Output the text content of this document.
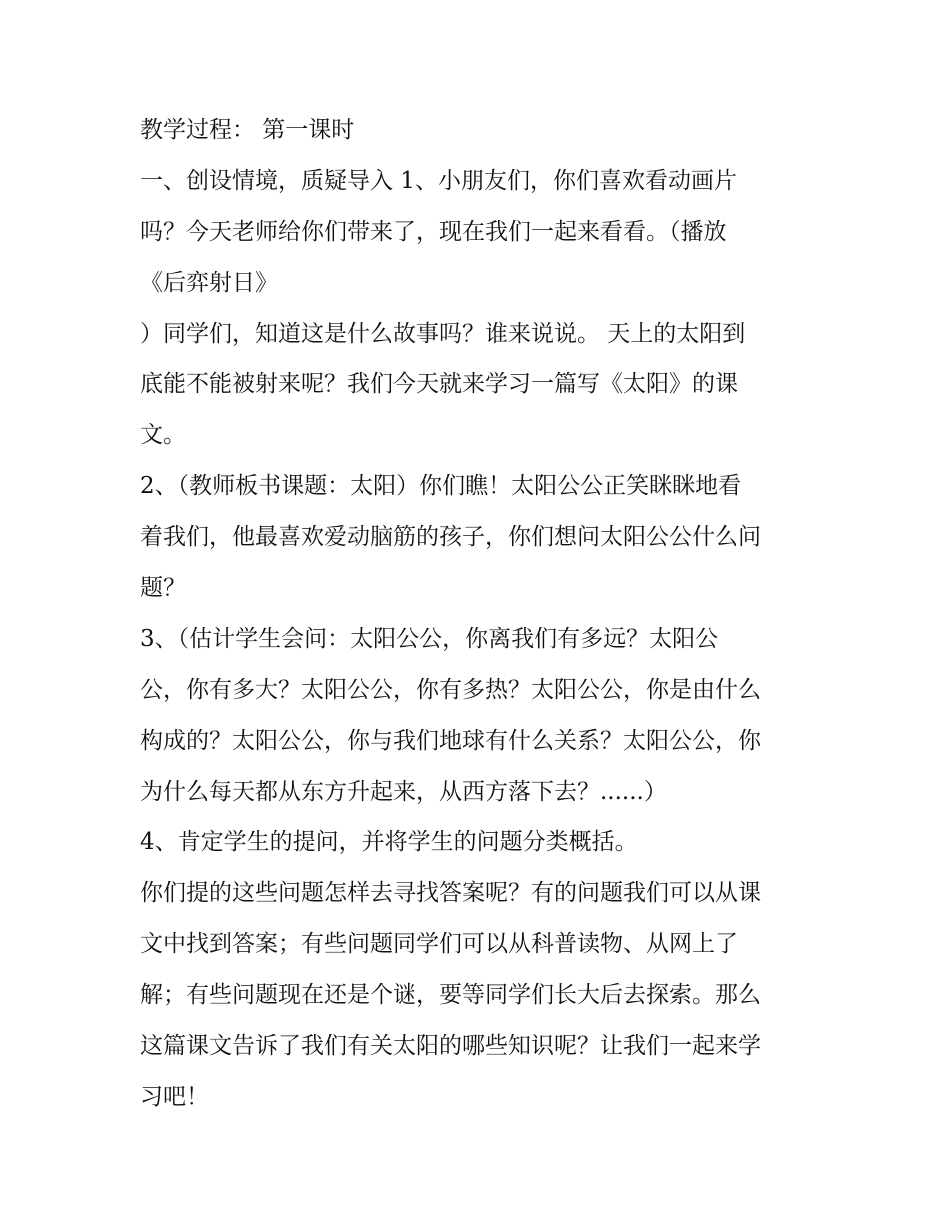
教学过程： 第一课时
一、创设情境，质疑导入 1、小朋友们，你们喜欢看动画片
吗？今天老师给你们带来了，现在我们一起来看看。（播放
《后弈射日》
）同学们，知道这是什么故事吗？谁来说说。 天上的太阳到
底能不能被射来呢？我们今天就来学习一篇写《太阳》的课
文。
2、（教师板书课题：太阳）你们瞧！太阳公公正笑眯眯地看
着我们，他最喜欢爱动脑筋的孩子，你们想问太阳公公什么问
题？
3、（估计学生会问：太阳公公，你离我们有多远？太阳公
公，你有多大？太阳公公，你有多热？太阳公公，你是由什么
构成的？太阳公公，你与我们地球有什么关系？太阳公公，你
为什么每天都从东方升起来，从西方落下去？......）
4、肯定学生的提问，并将学生的问题分类概括。
你们提的这些问题怎样去寻找答案呢？有的问题我们可以从课
文中找到答案；有些问题同学们可以从科普读物、从网上了
解；有些问题现在还是个谜，要等同学们长大后去探索。那么
这篇课文告诉了我们有关太阳的哪些知识呢？让我们一起来学
习吧！
